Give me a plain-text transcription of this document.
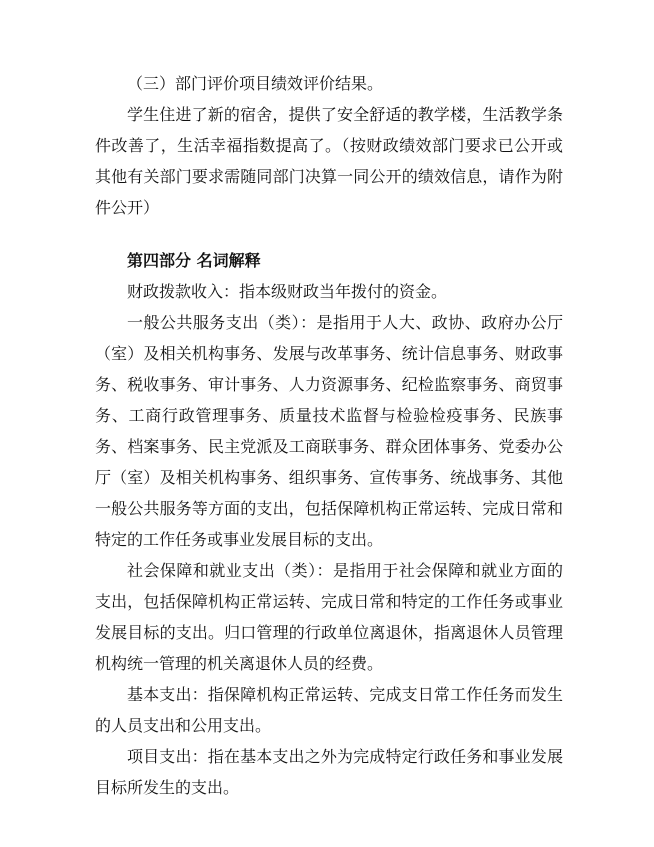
（三）部门评价项目绩效评价结果。

学生住进了新的宿舍，提供了安全舒适的教学楼，生活教学条件改善了，生活幸福指数提高了。（按财政绩效部门要求已公开或其他有关部门要求需随同部门决算一同公开的绩效信息，请作为附件公开）

第四部分 名词解释

财政拨款收入：指本级财政当年拨付的资金。

一般公共服务支出（类）：是指用于人大、政协、政府办公厅（室）及相关机构事务、发展与改革事务、统计信息事务、财政事务、税收事务、审计事务、人力资源事务、纪检监察事务、商贸事务、工商行政管理事务、质量技术监督与检验检疫事务、民族事务、档案事务、民主党派及工商联事务、群众团体事务、党委办公厅（室）及相关机构事务、组织事务、宣传事务、统战事务、其他一般公共服务等方面的支出，包括保障机构正常运转、完成日常和特定的工作任务或事业发展目标的支出。

社会保障和就业支出（类）：是指用于社会保障和就业方面的支出，包括保障机构正常运转、完成日常和特定的工作任务或事业发展目标的支出。归口管理的行政单位离退休，指离退休人员管理机构统一管理的机关离退休人员的经费。

基本支出：指保障机构正常运转、完成支日常工作任务而发生的人员支出和公用支出。

项目支出：指在基本支出之外为完成特定行政任务和事业发展目标所发生的支出。
